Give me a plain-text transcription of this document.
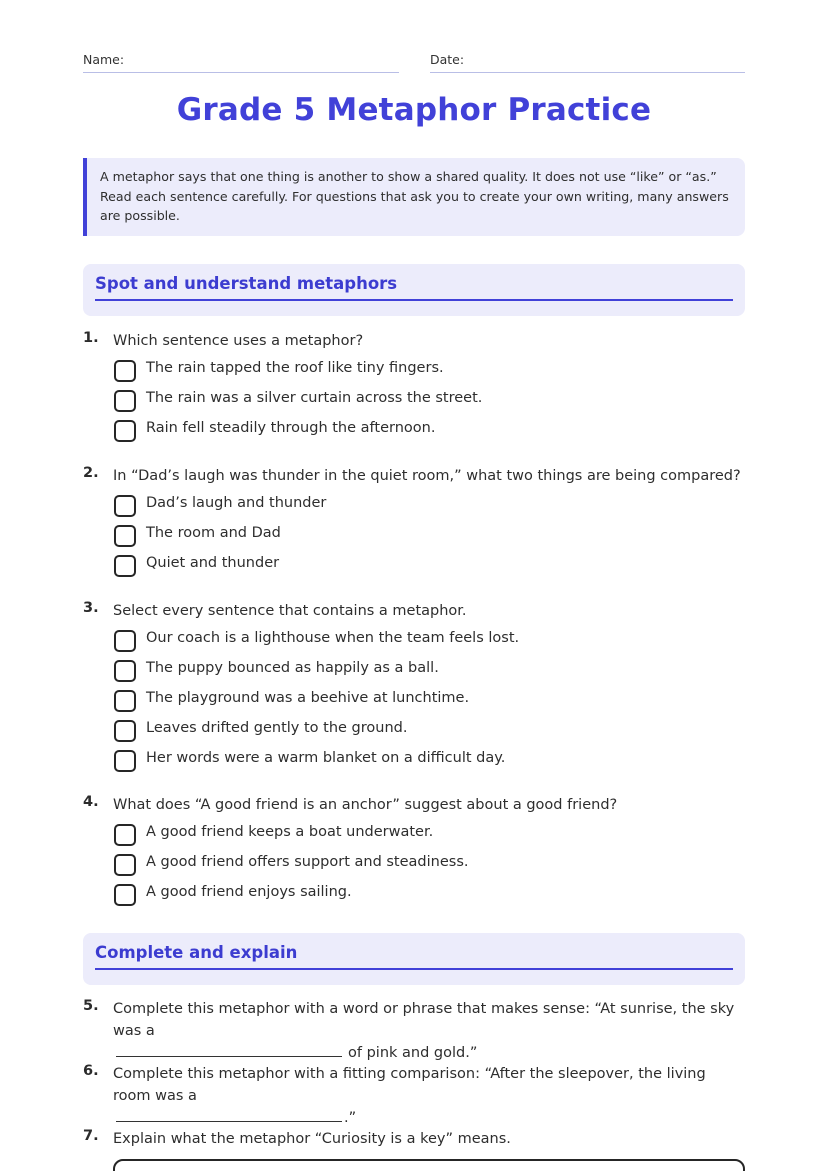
Name:	Date:
Grade 5 Metaphor Practice
A metaphor says that one thing is another to show a shared quality. It does not use “like” or “as.” Read each sentence carefully. For questions that ask you to create your own writing, many answers are possible.
Spot and understand metaphors
1. Which sentence uses a metaphor?
The rain tapped the roof like tiny fingers.
The rain was a silver curtain across the street.
Rain fell steadily through the afternoon.
2. In “Dad’s laugh was thunder in the quiet room,” what two things are being compared?
Dad’s laugh and thunder
The room and Dad
Quiet and thunder
3. Select every sentence that contains a metaphor.
Our coach is a lighthouse when the team feels lost.
The puppy bounced as happily as a ball.
The playground was a beehive at lunchtime.
Leaves drifted gently to the ground.
Her words were a warm blanket on a difficult day.
4. What does “A good friend is an anchor” suggest about a good friend?
A good friend keeps a boat underwater.
A good friend offers support and steadiness.
A good friend enjoys sailing.
Complete and explain
5. Complete this metaphor with a word or phrase that makes sense: “At sunrise, the sky was a
of pink and gold.”
6. Complete this metaphor with a fitting comparison: “After the sleepover, the living room was a
.”
7. Explain what the metaphor “Curiosity is a key” means.
